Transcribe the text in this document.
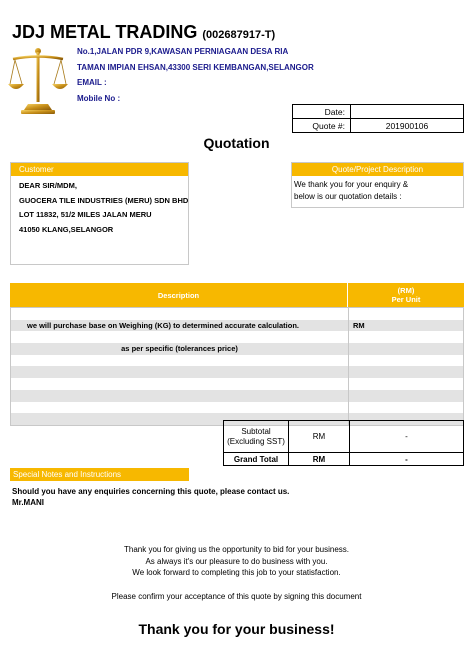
JDJ METAL TRADING (002687917-T)
No.1,JALAN PDR 9,KAWASAN PERNIAGAAN DESA RIA
TAMAN IMPIAN EHSAN,43300 SERI KEMBANGAN,SELANGOR
EMAIL :
Mobile No :
Date:	
Quote #:	201900106
Quotation
Customer
DEAR SIR/MDM,
GUOCERA TILE INDUSTRIES (MERU) SDN BHD
LOT 11832, 51/2 MILES JALAN MERU
41050 KLANG,SELANGOR
Quote/Project Description
We thank you for your enquiry &
below is our quotation details :
Description	(RM)
Per Unit
we will purchase base on Weighing (KG) to determined accurate calculation.	RM
as per specific (tolerances price)
Subtotal
(Excluding SST)	RM	-
Grand Total	RM	-
Special Notes and Instructions
Should you have any enquiries concerning this quote, please contact us.
Mr.MANI
Thank you for giving us the opportunity to bid for your business.
As always it's our pleasure to do business with you.
We look forward to completing this job to your statisfaction.
Please confirm your acceptance of this quote by signing this document
Thank you for your business!
